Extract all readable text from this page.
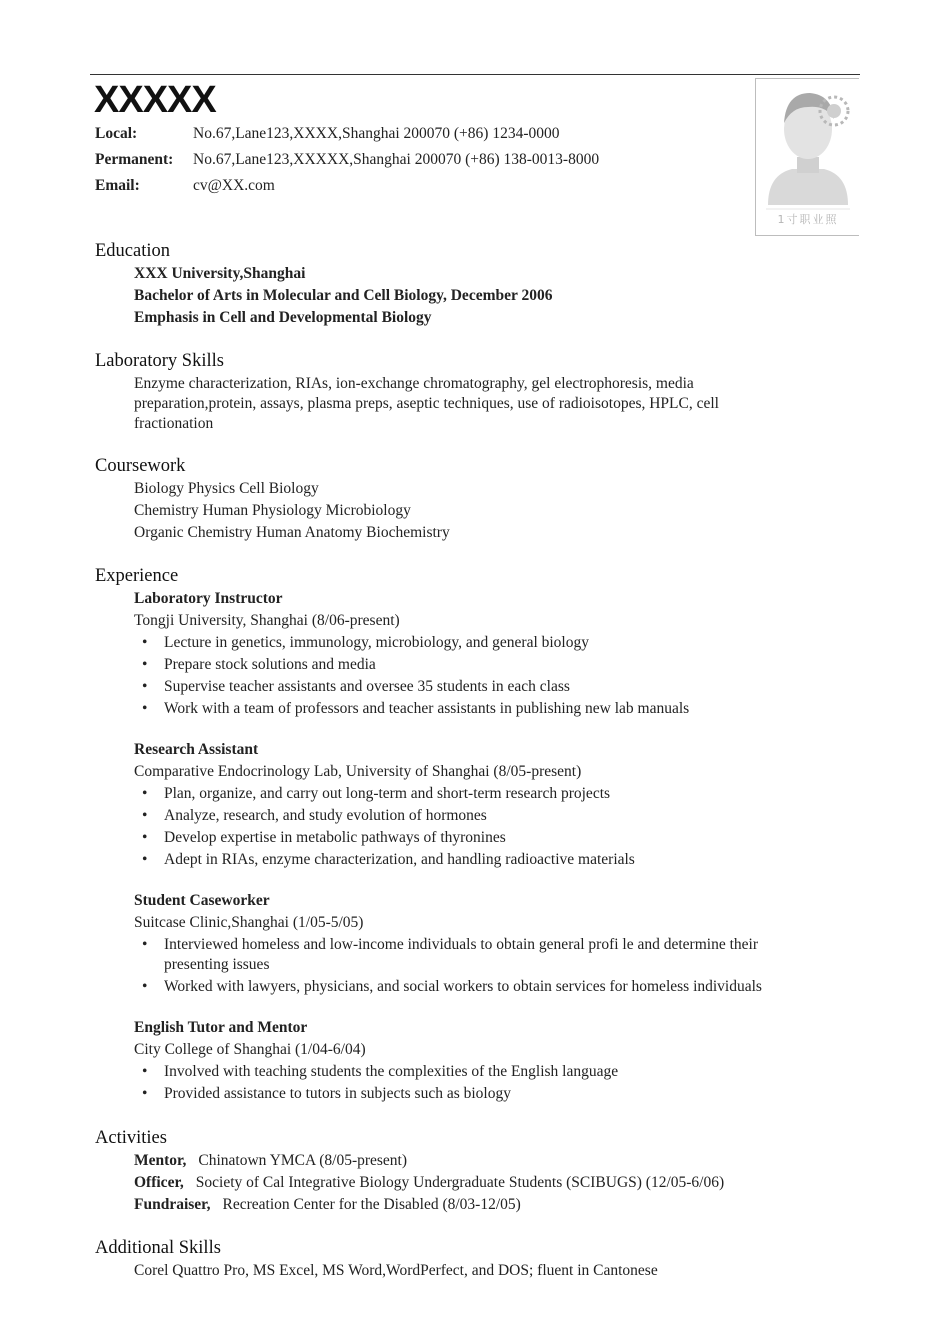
XXXXX
Local:	No.67,Lane123,XXXX,Shanghai 200070 (+86) 1234-0000
Permanent: No.67,Lane123,XXXXX,Shanghai 200070 (+86) 138-0013-8000
Email:	cv@XX.com
1寸职业照
Education
XXX University,Shanghai
Bachelor of Arts in Molecular and Cell Biology, December 2006
Emphasis in Cell and Developmental Biology
Laboratory Skills
Enzyme characterization, RIAs, ion-exchange chromatography, gel electrophoresis, media preparation,protein, assays, plasma preps, aseptic techniques, use of radioisotopes, HPLC, cell fractionation
Coursework
Biology Physics Cell Biology
Chemistry Human Physiology Microbiology
Organic Chemistry Human Anatomy Biochemistry
Experience
Laboratory Instructor
Tongji University, Shanghai (8/06-present)
• Lecture in genetics, immunology, microbiology, and general biology
• Prepare stock solutions and media
• Supervise teacher assistants and oversee 35 students in each class
• Work with a team of professors and teacher assistants in publishing new lab manuals
Research Assistant
Comparative Endocrinology Lab, University of Shanghai (8/05-present)
• Plan, organize, and carry out long-term and short-term research projects
• Analyze, research, and study evolution of hormones
• Develop expertise in metabolic pathways of thyronines
• Adept in RIAs, enzyme characterization, and handling radioactive materials
Student Caseworker
Suitcase Clinic,Shanghai (1/05-5/05)
• Interviewed homeless and low-income individuals to obtain general profi le and determine their presenting issues
• Worked with lawyers, physicians, and social workers to obtain services for homeless individuals
English Tutor and Mentor
City College of Shanghai (1/04-6/04)
• Involved with teaching students the complexities of the English language
• Provided assistance to tutors in subjects such as biology
Activities
Mentor, Chinatown YMCA (8/05-present)
Officer, Society of Cal Integrative Biology Undergraduate Students (SCIBUGS) (12/05-6/06)
Fundraiser, Recreation Center for the Disabled (8/03-12/05)
Additional Skills
Corel Quattro Pro, MS Excel, MS Word,WordPerfect, and DOS; fluent in Cantonese
